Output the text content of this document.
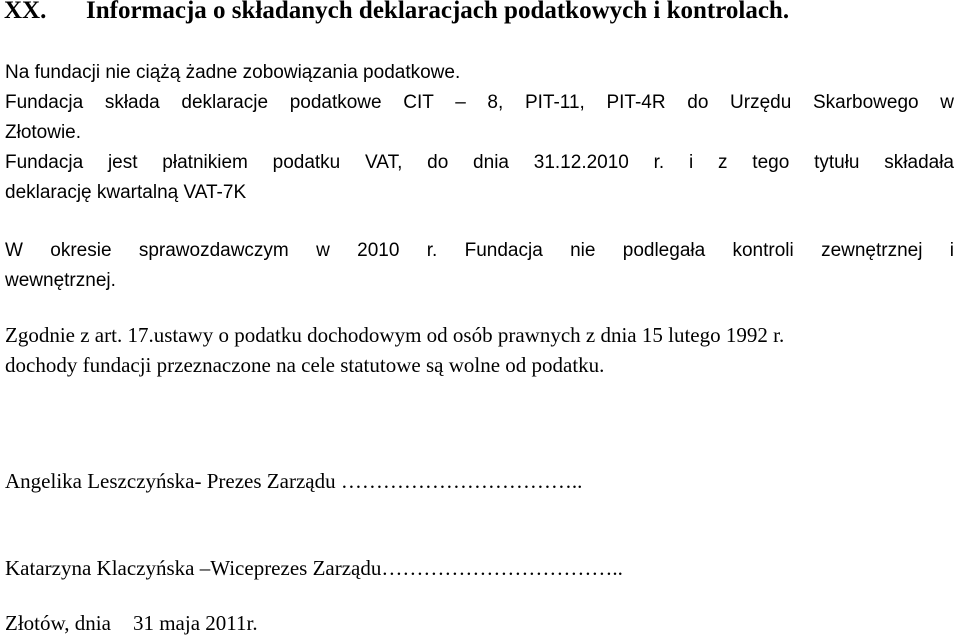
XX. Informacja o składanych deklaracjach podatkowych i kontrolach.
Na fundacji nie ciążą żadne zobowiązania podatkowe.
Fundacja składa deklaracje podatkowe CIT – 8, PIT-11, PIT-4R do Urzędu Skarbowego w
Złotowie.
Fundacja jest płatnikiem podatku VAT, do dnia 31.12.2010 r. i z tego tytułu składała
deklarację kwartalną VAT-7K
W okresie sprawozdawczym w 2010 r. Fundacja nie podlegała kontroli zewnętrznej i
wewnętrznej.
Zgodnie z art. 17.ustawy o podatku dochodowym od osób prawnych z dnia 15 lutego 1992 r.
dochody fundacji przeznaczone na cele statutowe są wolne od podatku.
Angelika Leszczyńska- Prezes Zarządu ……………………………..
Katarzyna Klaczyńska –Wiceprezes Zarządu……………………………..
Złotów, dnia 31 maja 2011r.
